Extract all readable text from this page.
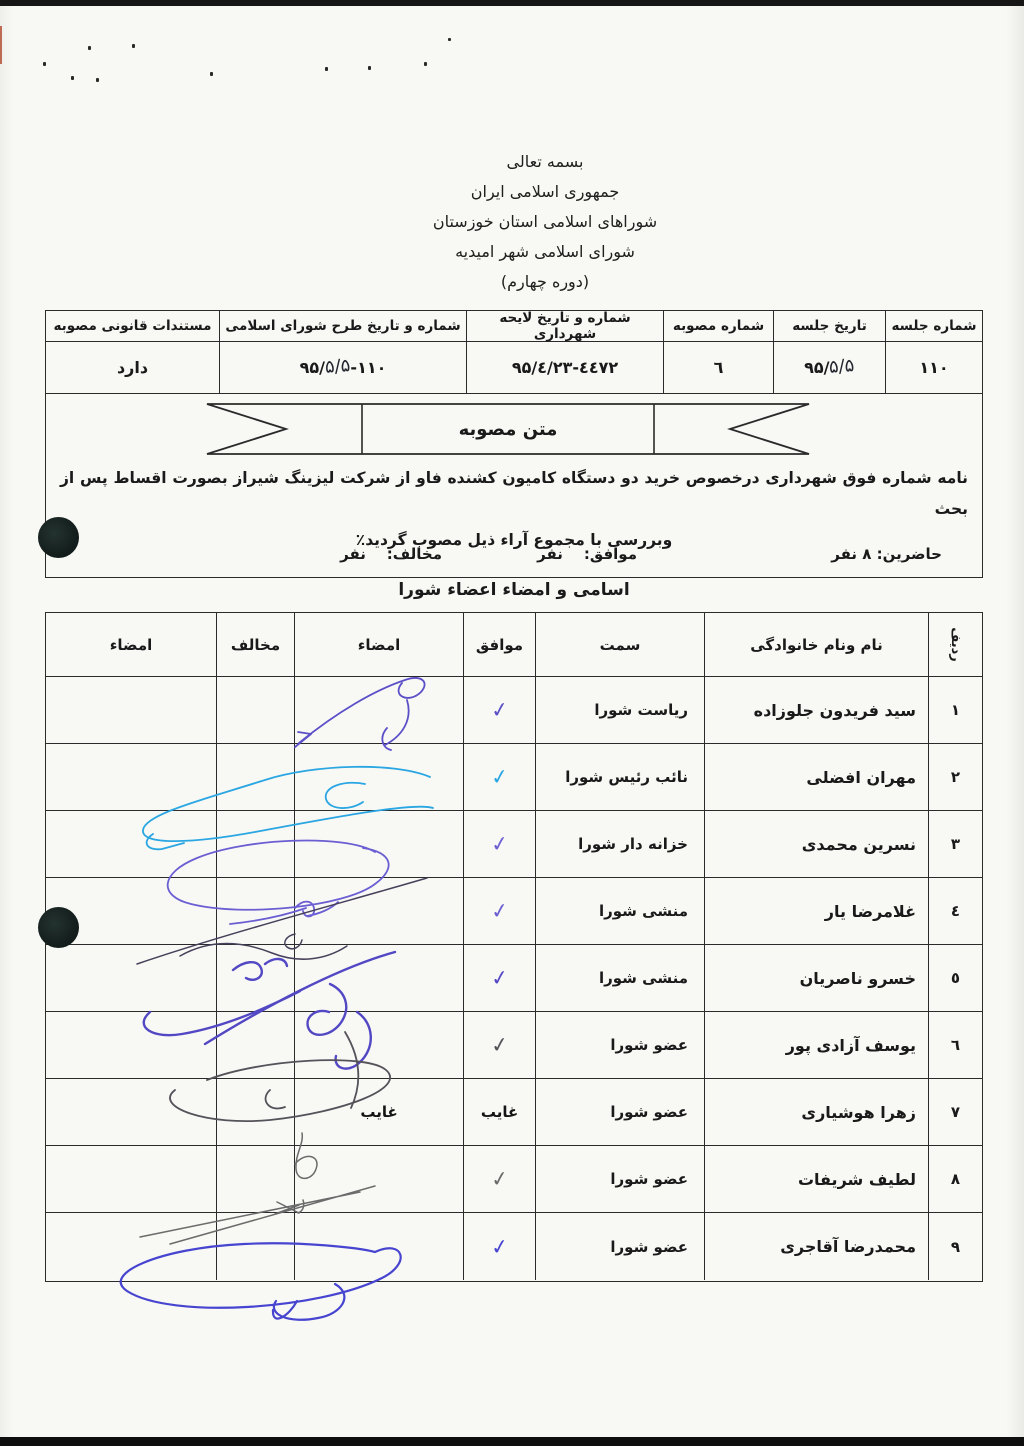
بسمه تعالی
جمهوری اسلامی ایران
شوراهای اسلامی استان خوزستان
شورای اسلامی شهر امیدیه
(دوره چهارم)
شماره جلسه
تاریخ جلسه
شماره مصوبه
شماره و تاریخ لایحه شهرداری
شماره و تاریخ طرح شورای اسلامی
مستندات قانونی مصوبه
۱۱۰
۹۵/۵/۵
٦
۹۵/٤/۲۳-٤٤۷۲
۹۵/۵/۵-۱۱۰
دارد
متن مصوبه
نامه شماره فوق شهرداری درخصوص خرید دو دستگاه کامیون کشنده فاو از شرکت لیزینگ شیراز بصورت اقساط پس از بحث
وبررسی با مجموع آراء ذیل مصوب گردید٪
حاضرین: ۸ نفر
موافق:    نفر
مخالف:    نفر
اسامی و امضاء اعضاء شورا
ردیف
نام ونام خانوادگی
سمت
موافق
امضاء
مخالف
امضاء
۱
سید فریدون جلوزاده
ریاست شورا
✓
۲
مهران افضلی
نائب رئیس شورا
✓
۳
نسرین محمدی
خزانه دار شورا
✓
٤
غلامرضا یار
منشی شورا
✓
٥
خسرو ناصریان
منشی شورا
✓
٦
یوسف آزادی پور
عضو شورا
✓
۷
زهرا هوشیاری
عضو شورا
غایب
غایب
۸
لطیف شریفات
عضو شورا
✓
۹
محمدرضا آقاجری
عضو شورا
✓
